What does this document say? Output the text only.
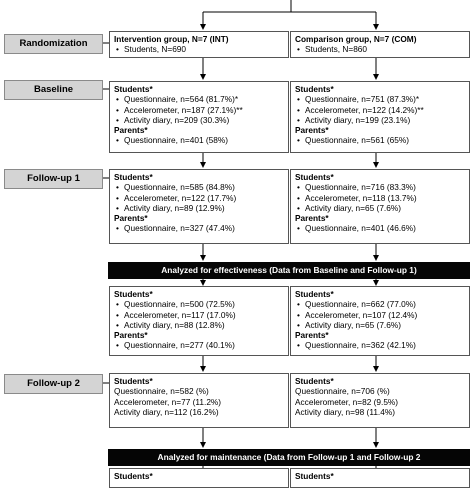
Randomization	Intervention group, N=7 (INT)
• Students, N=690
Comparison group, N=7 (COM)
• Students, N=860
Baseline	Students*
• Questionnaire, n=564 (81.7%)*
• Accelerometer, n=187 (27.1%)**
• Activity diary, n=209 (30.3%)
Parents*
• Questionnaire, n=401 (58%)
Students*
• Questionnaire, n=751 (87.3%)*
• Accelerometer, n=122 (14.2%)**
• Activity diary, n=199 (23.1%)
Parents*
• Questionnaire, n=561 (65%)
Follow-up 1	Students*
• Questionnaire, n=585 (84.8%)
• Accelerometer, n=122 (17.7%)
• Activity diary, n=89 (12.9%)
Parents*
• Questionnaire, n=327 (47.4%)
Students*
• Questionnaire, n=716 (83.3%)
• Accelerometer, n=118 (13.7%)
• Activity diary, n=65 (7.6%)
Parents*
• Questionnaire, n=401 (46.6%)
Analyzed for effectiveness (Data from Baseline and Follow-up 1)
Students*
• Questionnaire, n=500 (72.5%)
• Accelerometer, n=117 (17.0%)
• Activity diary, n=88 (12.8%)
Parents*
• Questionnaire, n=277 (40.1%)
Students*
• Questionnaire, n=662 (77.0%)
• Accelerometer, n=107 (12.4%)
• Activity diary, n=65 (7.6%)
Parents*
• Questionnaire, n=362 (42.1%)
Follow-up 2	Students*
Questionnaire, n=582 (%)
Accelerometer, n=77 (11.2%)
Activity diary, n=112 (16.2%)
Students*
Questionnaire, n=706 (%)
Accelerometer, n=82 (9.5%)
Activity diary, n=98 (11.4%)
Analyzed for maintenance (Data from Follow-up 1 and Follow-up 2
Students*	Students*
